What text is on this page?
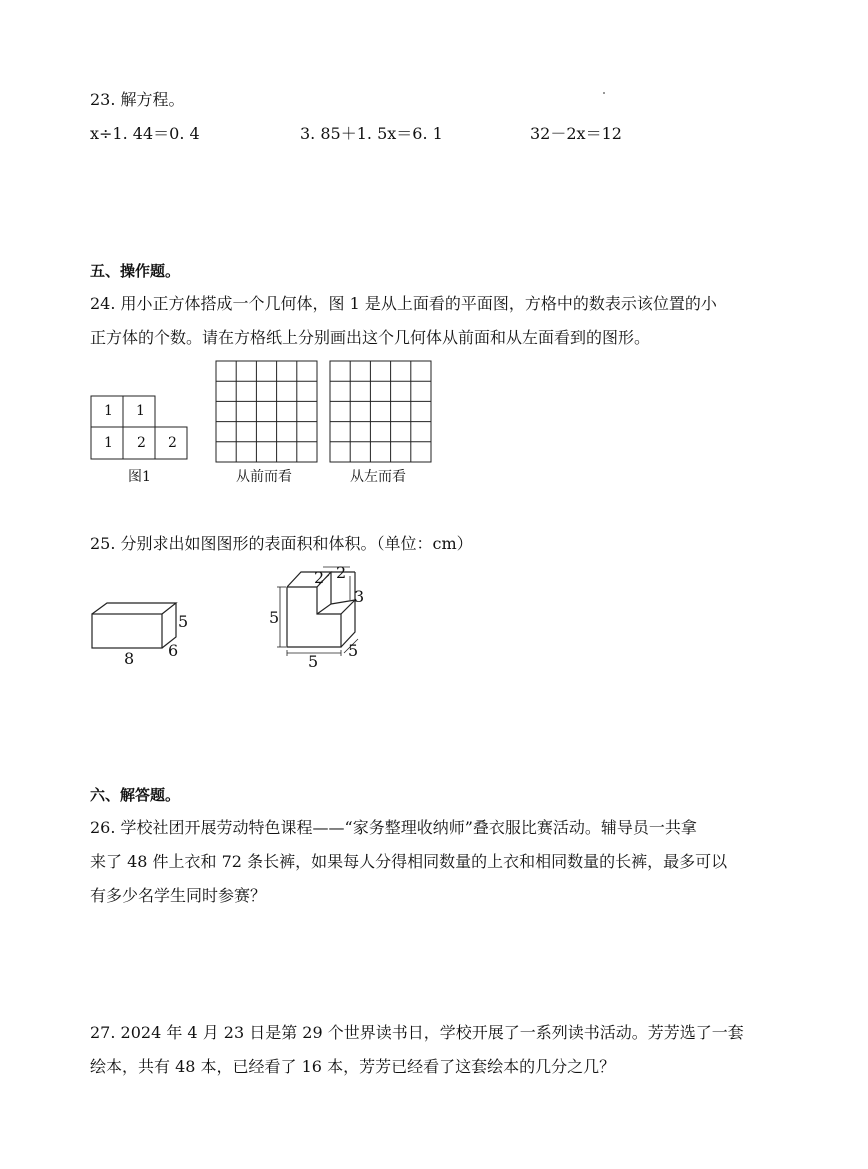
23. 解方程。
x÷1. 44＝0. 4	3. 85＋1. 5x＝6. 1	32－2x＝12
五、操作题。
24. 用小正方体搭成一个几何体，图 1 是从上面看的平面图，方格中的数表示该位置的小
正方体的个数。请在方格纸上分别画出这个几何体从前面和从左面看到的图形。
1 1
1 2 2
图1	从前而看	从左而看
25. 分别求出如图图形的表面积和体积。（单位：cm）
5
8 6
2 2
3
5
5
5
六、解答题。
26. 学校社团开展劳动特色课程——“家务整理收纳师”叠衣服比赛活动。辅导员一共拿
来了 48 件上衣和 72 条长裤，如果每人分得相同数量的上衣和相同数量的长裤，最多可以
有多少名学生同时参赛？
27. 2024 年 4 月 23 日是第 29 个世界读书日，学校开展了一系列读书活动。芳芳选了一套
绘本，共有 48 本，已经看了 16 本，芳芳已经看了这套绘本的几分之几？
